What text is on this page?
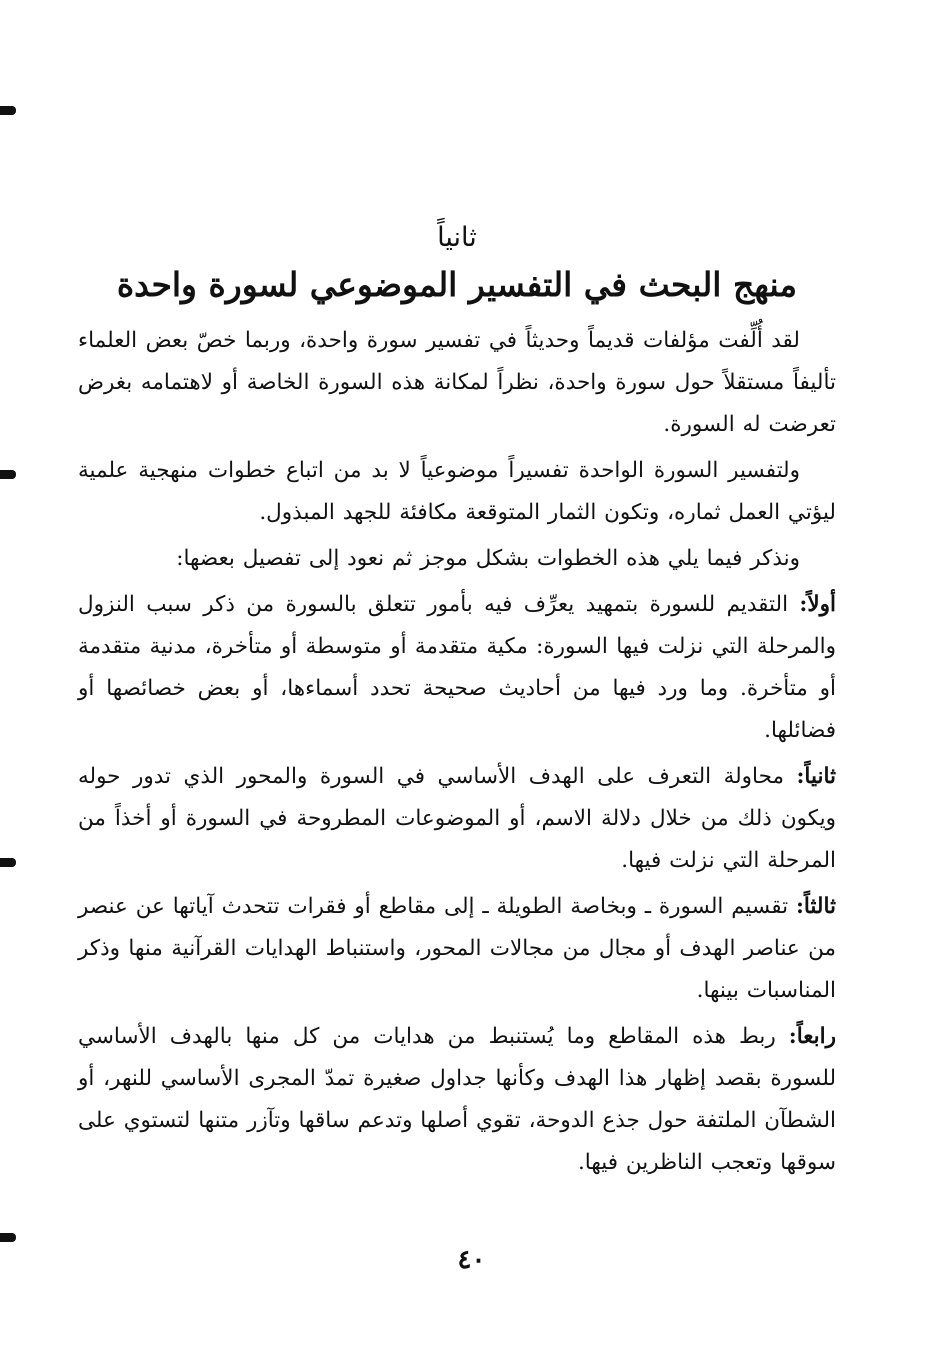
ثانياً
منهج البحث في التفسير الموضوعي لسورة واحدة

لقد أُلِّفت مؤلفات قديماً وحديثاً في تفسير سورة واحدة، وربما خصّ بعض العلماء تأليفاً مستقلاً حول سورة واحدة، نظراً لمكانة هذه السورة الخاصة أو لاهتمامه بغرض تعرضت له السورة.

ولتفسير السورة الواحدة تفسيراً موضوعياً لا بد من اتباع خطوات منهجية علمية ليؤتي العمل ثماره، وتكون الثمار المتوقعة مكافئة للجهد المبذول.

ونذكر فيما يلي هذه الخطوات بشكل موجز ثم نعود إلى تفصيل بعضها:

أولاً: التقديم للسورة بتمهيد يعرِّف فيه بأمور تتعلق بالسورة من ذكر سبب النزول والمرحلة التي نزلت فيها السورة: مكية متقدمة أو متوسطة أو متأخرة، مدنية متقدمة أو متأخرة. وما ورد فيها من أحاديث صحيحة تحدد أسماءها، أو بعض خصائصها أو فضائلها.

ثانياً: محاولة التعرف على الهدف الأساسي في السورة والمحور الذي تدور حوله ويكون ذلك من خلال دلالة الاسم، أو الموضوعات المطروحة في السورة أو أخذاً من المرحلة التي نزلت فيها.

ثالثاً: تقسيم السورة ـ وبخاصة الطويلة ـ إلى مقاطع أو فقرات تتحدث آياتها عن عنصر من عناصر الهدف أو مجال من مجالات المحور، واستنباط الهدايات القرآنية منها وذكر المناسبات بينها.

رابعاً: ربط هذه المقاطع وما يُستنبط من هدايات من كل منها بالهدف الأساسي للسورة بقصد إظهار هذا الهدف وكأنها جداول صغيرة تمدّ المجرى الأساسي للنهر، أو الشطآن الملتفة حول جذع الدوحة، تقوي أصلها وتدعم ساقها وتآزر متنها لتستوي على سوقها وتعجب الناظرين فيها.

٤٠
